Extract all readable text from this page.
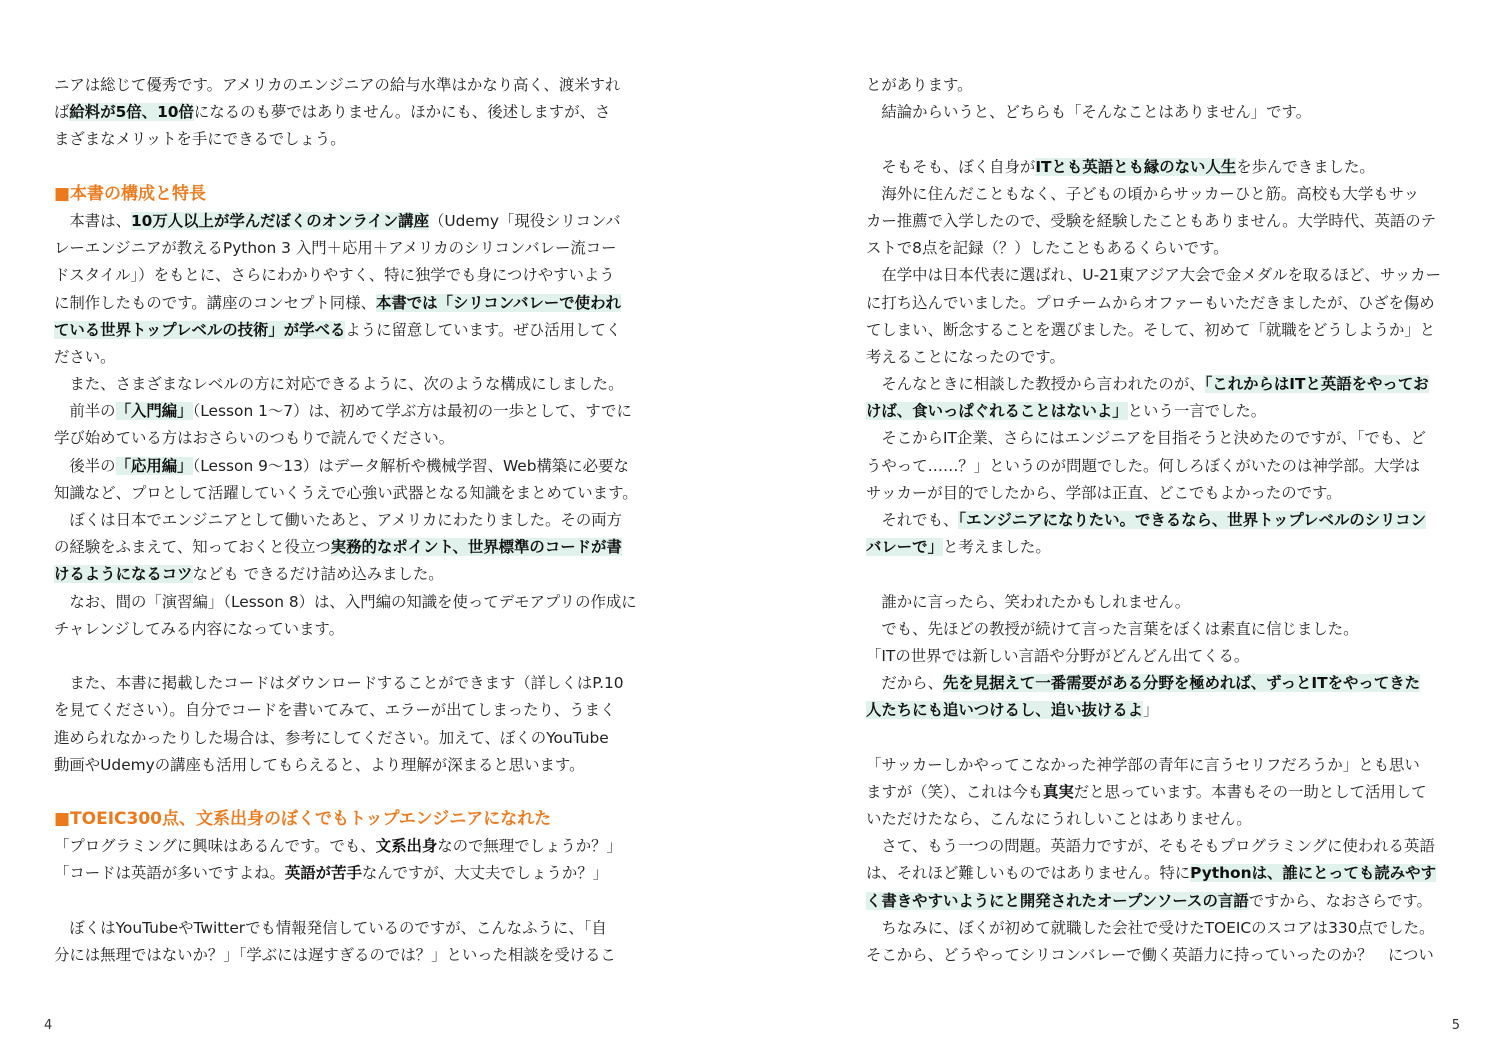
ニアは総じて優秀です。アメリカのエンジニアの給与水準はかなり高く、渡米すれ
ば給料が5倍、10倍になるのも夢ではありません。ほかにも、後述しますが、さ
まざまなメリットを手にできるでしょう。
■本書の構成と特長
　本書は、10万人以上が学んだぼくのオンライン講座（Udemy「現役シリコンバ
レーエンジニアが教えるPython 3 入門＋応用＋アメリカのシリコンバレー流コー
ドスタイル」）をもとに、さらにわかりやすく、特に独学でも身につけやすいよう
に制作したものです。講座のコンセプト同様、本書では「シリコンバレーで使われ
ている世界トップレベルの技術」が学べるように留意しています。ぜひ活用してく
ださい。
　また、さまざまなレベルの方に対応できるように、次のような構成にしました。
　前半の「入門編」（Lesson 1〜7）は、初めて学ぶ方は最初の一歩として、すでに
学び始めている方はおさらいのつもりで読んでください。
　後半の「応用編」（Lesson 9〜13）はデータ解析や機械学習、Web構築に必要な
知識など、プロとして活躍していくうえで心強い武器となる知識をまとめています。
　ぼくは日本でエンジニアとして働いたあと、アメリカにわたりました。その両方
の経験をふまえて、知っておくと役立つ実務的なポイント、世界標準のコードが書
けるようになるコツなども できるだけ詰め込みました。
　なお、間の「演習編」（Lesson 8）は、入門編の知識を使ってデモアプリの作成に
チャレンジしてみる内容になっています。
　また、本書に掲載したコードはダウンロードすることができます（詳しくはP.10
を見てください）。自分でコードを書いてみて、エラーが出てしまったり、うまく
進められなかったりした場合は、参考にしてください。加えて、ぼくのYouTube
動画やUdemyの講座も活用してもらえると、より理解が深まると思います。
■TOEIC300点、文系出身のぼくでもトップエンジニアになれた
「プログラミングに興味はあるんです。でも、文系出身なので無理でしょうか？」
「コードは英語が多いですよね。英語が苦手なんですが、大丈夫でしょうか？」
　ぼくはYouTubeやTwitterでも情報発信しているのですが、こんなふうに、「自
分には無理ではないか？」「学ぶには遅すぎるのでは？」といった相談を受けるこ
とがあります。
　結論からいうと、どちらも「そんなことはありません」です。
　そもそも、ぼく自身がITとも英語とも縁のない人生を歩んできました。
　海外に住んだこともなく、子どもの頃からサッカーひと筋。高校も大学もサッ
カー推薦で入学したので、受験を経験したこともありません。大学時代、英語のテ
ストで8点を記録（？）したこともあるくらいです。
　在学中は日本代表に選ばれ、U-21東アジア大会で金メダルを取るほど、サッカー
に打ち込んでいました。プロチームからオファーもいただきましたが、ひざを傷め
てしまい、断念することを選びました。そして、初めて「就職をどうしようか」と
考えることになったのです。
　そんなときに相談した教授から言われたのが、「これからはITと英語をやってお
けば、食いっぱぐれることはないよ」という一言でした。
　そこからIT企業、さらにはエンジニアを目指そうと決めたのですが、「でも、ど
うやって……？」というのが問題でした。何しろぼくがいたのは神学部。大学は
サッカーが目的でしたから、学部は正直、どこでもよかったのです。
　それでも、「エンジニアになりたい。できるなら、世界トップレベルのシリコン
バレーで」と考えました。
　誰かに言ったら、笑われたかもしれません。
　でも、先ほどの教授が続けて言った言葉をぼくは素直に信じました。
「ITの世界では新しい言語や分野がどんどん出てくる。
　だから、先を見据えて一番需要がある分野を極めれば、ずっとITをやってきた
人たちにも追いつけるし、追い抜けるよ」
「サッカーしかやってこなかった神学部の青年に言うセリフだろうか」とも思い
ますが（笑）、これは今も真実だと思っています。本書もその一助として活用して
いただけたなら、こんなにうれしいことはありません。
　さて、もう一つの問題。英語力ですが、そもそもプログラミングに使われる英語
は、それほど難しいものではありません。特にPythonは、誰にとっても読みやす
く書きやすいようにと開発されたオープンソースの言語ですから、なおさらです。
　ちなみに、ぼくが初めて就職した会社で受けたTOEICのスコアは330点でした。
そこから、どうやってシリコンバレーで働く英語力に持っていったのか？　につい
4	5
